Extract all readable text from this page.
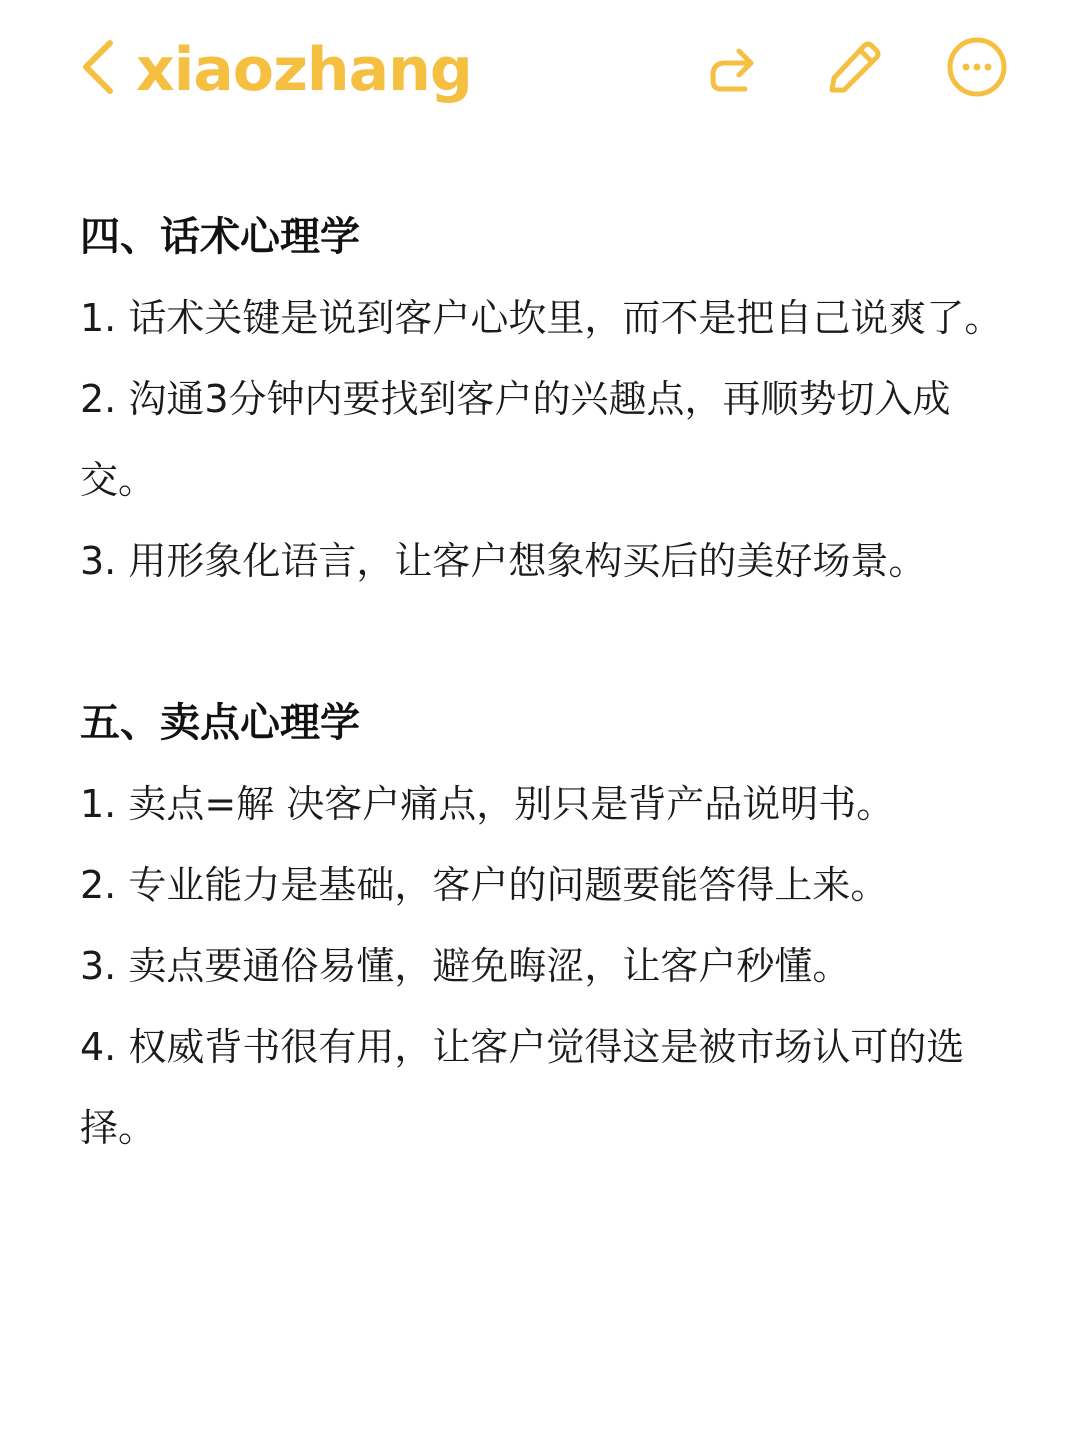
xiaozhang

四、话术心理学

1. 话术关键是说到客户心坎里，而不是把自己说爽了。

2. 沟通3分钟内要找到客户的兴趣点，再顺势切入成交。

3. 用形象化语言，让客户想象构买后的美好场景。

五、卖点心理学

1. 卖点=解 决客户痛点，别只是背产品说明书。

2. 专业能力是基础，客户的问题要能答得上来。

3. 卖点要通俗易懂，避免晦涩，让客户秒懂。

4. 权威背书很有用，让客户觉得这是被市场认可的选择。
